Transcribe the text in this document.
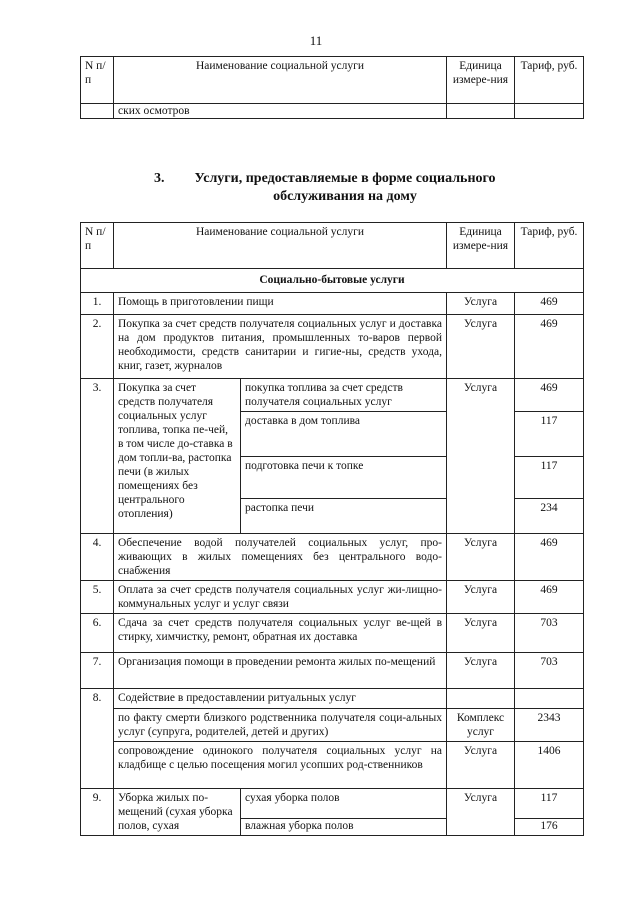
11
N п/п	Наименование социальной услуги	Единица измере-ния	Тариф, руб.
	ских осмотров		
3.	Услуги, предоставляемые в форме социального обслуживания на дому
N п/п	Наименование социальной услуги		Единица измере-ния	Тариф, руб.
Социально-бытовые услуги				
1.	Помощь в приготовлении пищи		Услуга	469
2.	Покупка за счет средств получателя социальных услуг и доставка на дом продуктов питания, промышленных то-варов первой необходимости, средств санитарии и гигие-ны, средств ухода, книг, газет, журналов		Услуга	469
3.	Покупка за счет средств получателя социальных услуг топлива, топка пе-чей, в том числе до-ставка в дом топли-ва, растопка печи (в жилых помещениях без центрального отопления)	покупка топлива за счет средств получателя социальных услуг	Услуга	469
		доставка в дом топлива		117
		подготовка печи к топке		117
		растопка печи		234
4.	Обеспечение водой получателей социальных услуг, про-живающих в жилых помещениях без центрального водо-снабжения		Услуга	469
5.	Оплата за счет средств получателя социальных услуг жи-лищно-коммунальных услуг и услуг связи		Услуга	469
6.	Сдача за счет средств получателя социальных услуг ве-щей в стирку, химчистку, ремонт, обратная их доставка		Услуга	703
7.	Организация помощи в проведении ремонта жилых по-мещений		Услуга	703
8.	Содействие в предоставлении ритуальных услуг			
	по факту смерти близкого родственника получателя соци-альных услуг (супруга, родителей, детей и других)		Комплекс услуг	2343
	сопровождение одинокого получателя социальных услуг на кладбище с целью посещения могил усопших род-ственников		Услуга	1406
9.	Уборка жилых по-мещений (сухая уборка полов, сухая	сухая уборка полов	Услуга	117
		влажная уборка полов		176
